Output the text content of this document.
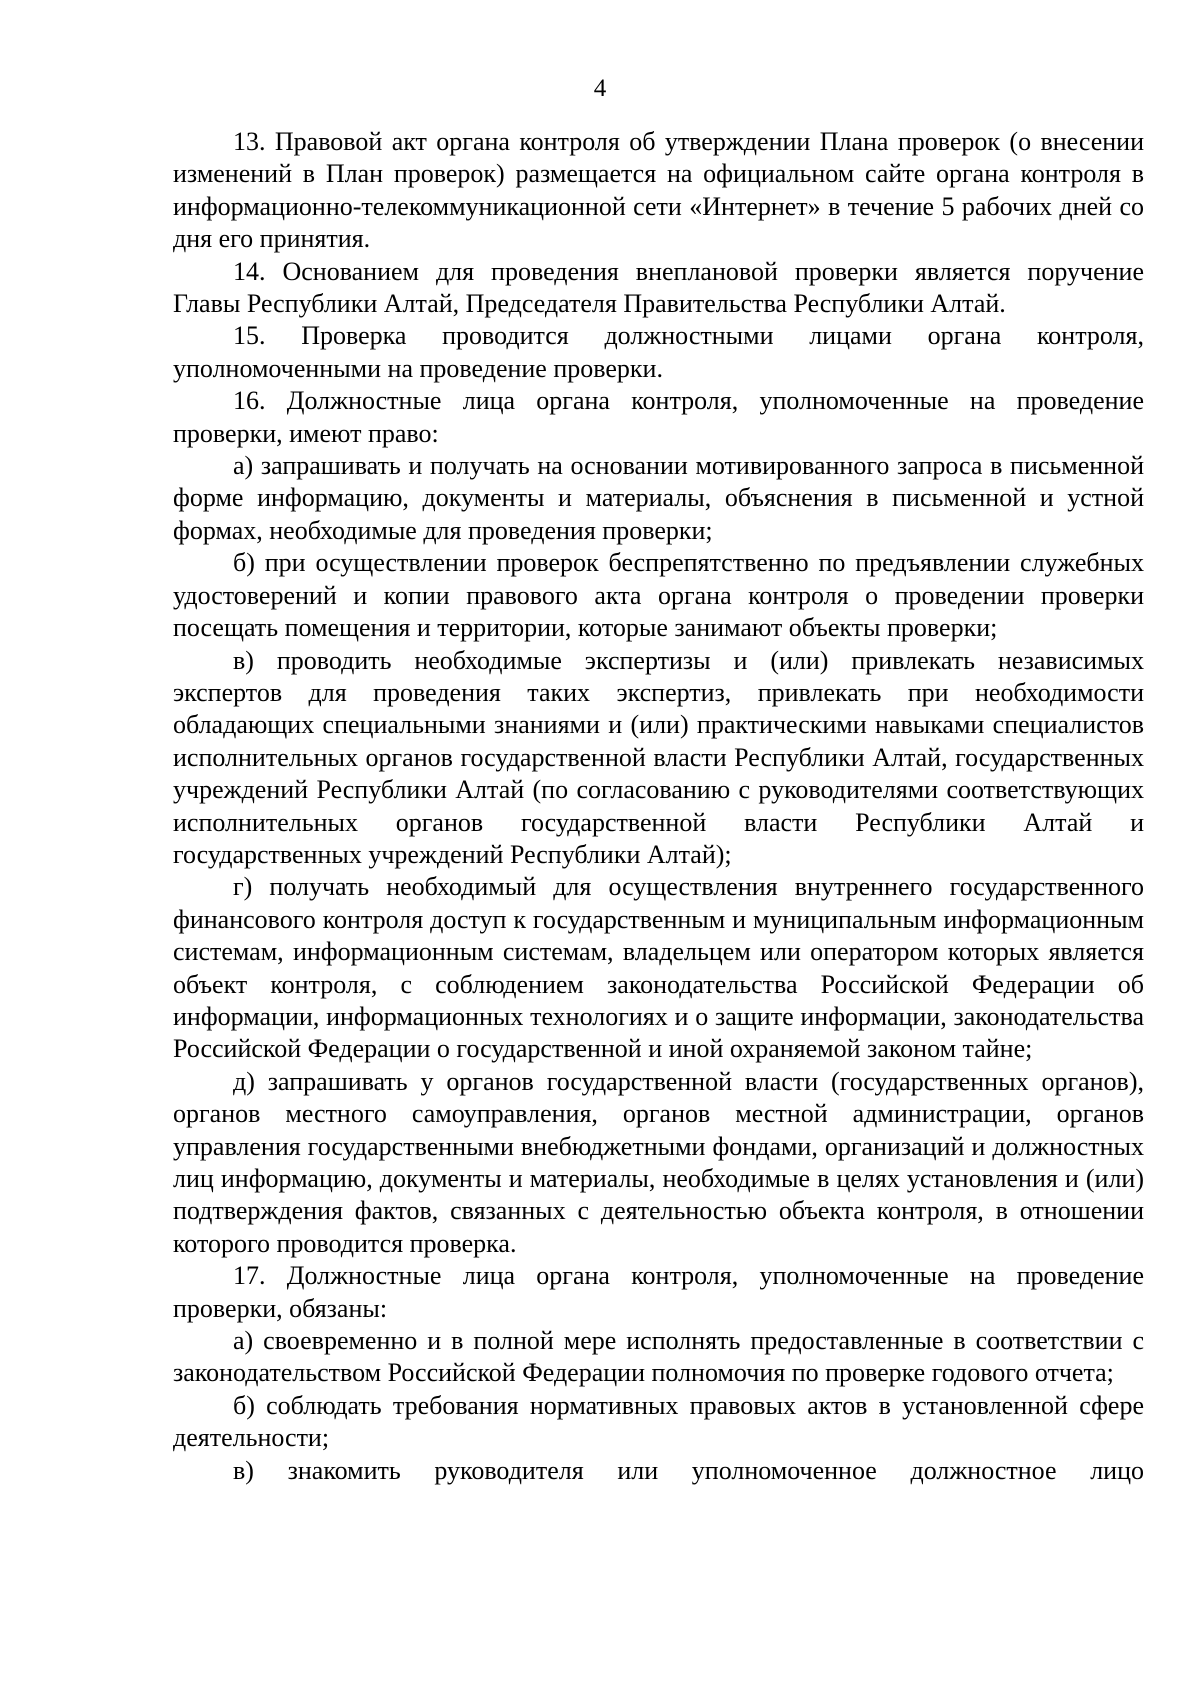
4

13. Правовой акт органа контроля об утверждении Плана проверок (о внесении изменений в План проверок) размещается на официальном сайте органа контроля в информационно-телекоммуникационной сети «Интернет» в течение 5 рабочих дней со дня его принятия.

14. Основанием для проведения внеплановой проверки является поручение Главы Республики Алтай, Председателя Правительства Республики Алтай.

15. Проверка проводится должностными лицами органа контроля, уполномоченными на проведение проверки.

16. Должностные лица органа контроля, уполномоченные на проведение проверки, имеют право:

а) запрашивать и получать на основании мотивированного запроса в письменной форме информацию, документы и материалы, объяснения в письменной и устной формах, необходимые для проведения проверки;

б) при осуществлении проверок беспрепятственно по предъявлении служебных удостоверений и копии правового акта органа контроля о проведении проверки посещать помещения и территории, которые занимают объекты проверки;

в) проводить необходимые экспертизы и (или) привлекать независимых экспертов для проведения таких экспертиз, привлекать при необходимости обладающих специальными знаниями и (или) практическими навыками специалистов исполнительных органов государственной власти Республики Алтай, государственных учреждений Республики Алтай (по согласованию с руководителями соответствующих исполнительных органов государственной власти Республики Алтай и государственных учреждений Республики Алтай);

г) получать необходимый для осуществления внутреннего государственного финансового контроля доступ к государственным и муниципальным информационным системам, информационным системам, владельцем или оператором которых является объект контроля, с соблюдением законодательства Российской Федерации об информации, информационных технологиях и о защите информации, законодательства Российской Федерации о государственной и иной охраняемой законом тайне;

д) запрашивать у органов государственной власти (государственных органов), органов местного самоуправления, органов местной администрации, органов управления государственными внебюджетными фондами, организаций и должностных лиц информацию, документы и материалы, необходимые в целях установления и (или) подтверждения фактов, связанных с деятельностью объекта контроля, в отношении которого проводится проверка.

17. Должностные лица органа контроля, уполномоченные на проведение проверки, обязаны:

а) своевременно и в полной мере исполнять предоставленные в соответствии с законодательством Российской Федерации полномочия по проверке годового отчета;

б) соблюдать требования нормативных правовых актов в установленной сфере деятельности;

в) знакомить руководителя или уполномоченное должностное лицо
